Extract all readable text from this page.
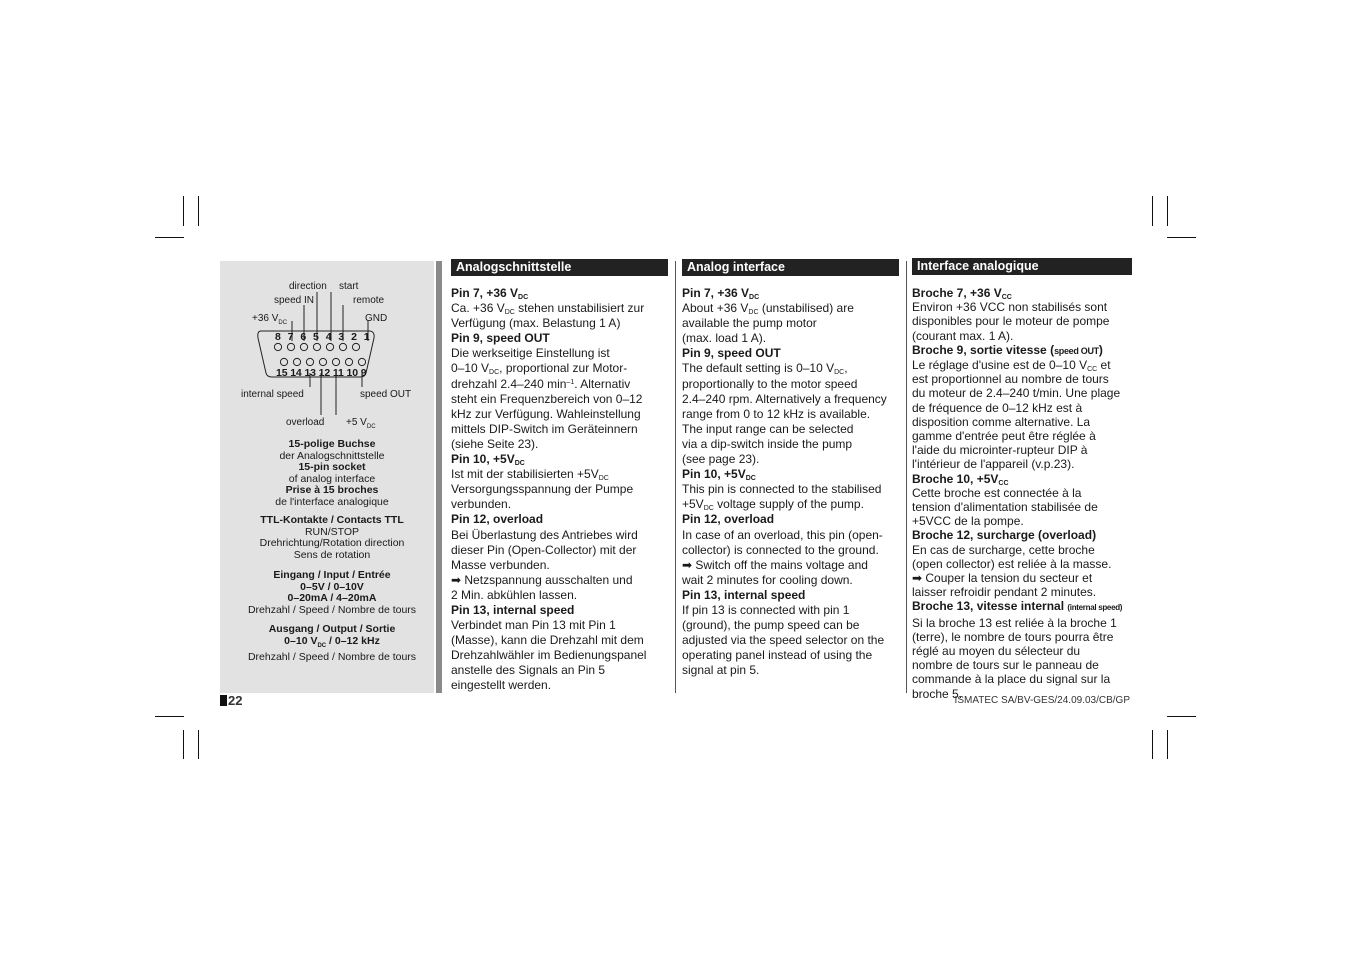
direction start
speed IN	remote
+36 $V_{DC}$	GND
8 7 6 5 4 3 2 1
15 14 13 12 11 10 9
internal speed	speed OUT
overload +5 $V_{DC}$
15-polige Buchse
der Analogschnittstelle
15-pin socket
of analog interface
Prise à 15 broches
de l'interface analogique
TTL-Kontakte / Contacts TTL
RUN/STOP
Drehrichtung/Rotation direction
Sens de rotation
Eingang / Input / Entrée
0–5V / 0–10V
0–20mA / 4–20mA
Drehzahl / Speed / Nombre de tours
Ausgang / Output / Sortie
0–10 $V_{DC} / 0-12$ kHz
Drehzahl / Speed / Nombre de tours
Analogschnittstelle

Pin 7, +36 $V_{DC}$

Ca. +36 $V_{DC}$ stehen unstabilisiert zur

Verfügung (max. Belastung 1 A)

Pin 9, speed OUT

Die werkseitige Einstellung ist

0–10 $V_{DC}$, proportional zur Motor-

drehzahl 2.4–240 $\min^{-1}$. Alternativ

steht ein Frequenzbereich von 0–12

kHz zur Verfügung. Wahleinstellung

mittels DIP-Switch im Geräteinnern

(siehe Seite 23).

Pin 10, $+5V_{DC}$

Ist mit der stabilisierten $+5V_{DC}$

Versorgungsspannung der Pumpe

verbunden.

Pin 12, overload

Bei Überlastung des Antriebes wird

dieser Pin (Open-Collector) mit der

Masse verbunden.

➡ Netzspannung ausschalten und

2 Min. abkühlen lassen.

Pin 13, internal speed

Verbindet man Pin 13 mit Pin 1

(Masse), kann die Drehzahl mit dem

Drehzahlwähler im Bedienungspanel

anstelle des Signals an Pin 5

eingestellt werden.

Analog interface

Pin 7, +36 $V_{DC}$

About +36 $V_{DC}$ (unstabilised) are

available the pump motor

(max. load 1 A).

Pin 9, speed OUT

The default setting is 0–10 $V_{DC}$,

proportionally to the motor speed

2.4–240 rpm. Alternatively a frequency

range from 0 to 12 kHz is available.

The input range can be selected

via a dip-switch inside the pump

(see page 23).

Pin 10, $+5V_{DC}$

This pin is connected to the stabilised

$+5V_{DC}$ voltage supply of the pump.

Pin 12, overload

In case of an overload, this pin (open-

collector) is connected to the ground.

➡ Switch off the mains voltage and

wait 2 minutes for cooling down.

Pin 13, internal speed

If pin 13 is connected with pin 1

(ground), the pump speed can be

adjusted via the speed selector on the

operating panel instead of using the

signal at pin 5.

Interface analogique

Broche 7, +36 $V_{CC}$

Environ +36 VCC non stabilisés sont

disponibles pour le moteur de pompe

(courant max. 1 A).

Broche 9, sortie vitesse (speed OUT)

Le réglage d'usine est de 0–10 $V_{CC}$ et

est proportionnel au nombre de tours

du moteur de 2.4–240 t/min. Une plage

de fréquence de 0–12 kHz est à

disposition comme alternative. La

gamme d'entrée peut être réglée à

l'aide du microinter-rupteur DIP à

l'intérieur de l'appareil (v.p.23).

Broche 10, $+5V_{CC}$

Cette broche est connectée à la

tension d'alimentation stabilisée de

+5VCC de la pompe.

Broche 12, surcharge (overload)

En cas de surcharge, cette broche

(open collector) est reliée à la masse.

➡ Couper la tension du secteur et

laisser refroidir pendant 2 minutes.

Broche 13, vitesse internal (internal speed)

Si la broche 13 est reliée à la broche 1

(terre), le nombre de tours pourra être

réglé au moyen du sélecteur du

nombre de tours sur le panneau de

commande à la place du signal sur la

broche 5.

22	ISMATEC SA/BV-GES/24.09.03/CB/GP
